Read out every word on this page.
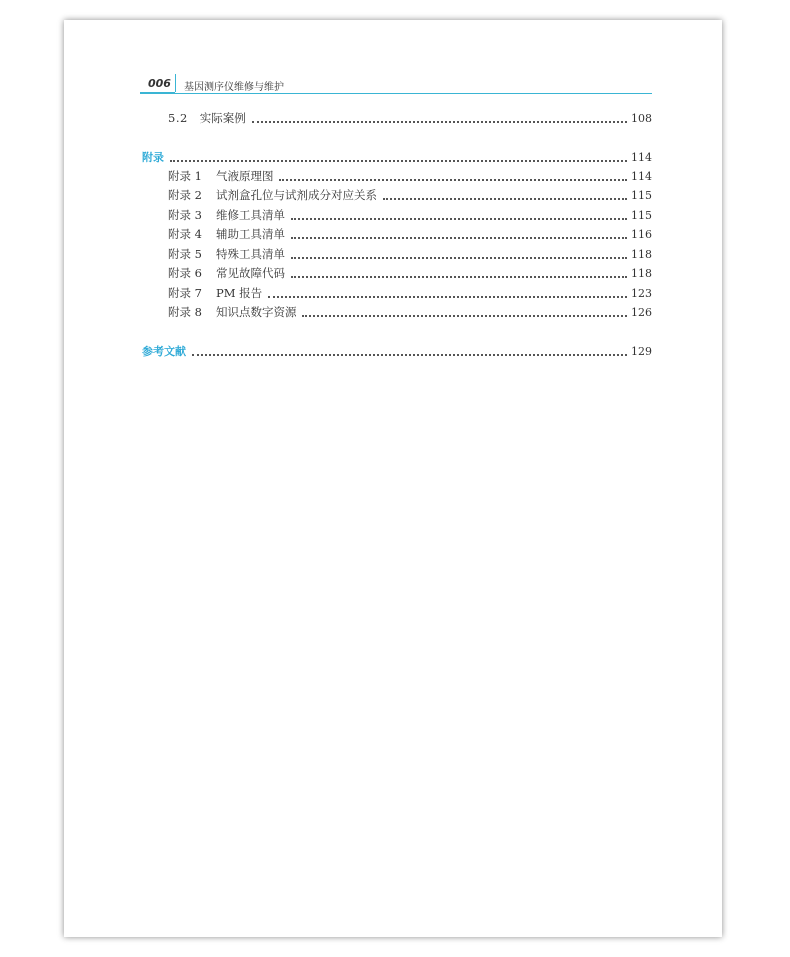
006 基因测序仪维修与维护
5.2 实际案例	108
附录	114
附录 1 气液原理图	114
附录 2 试剂盒孔位与试剂成分对应关系	115
附录 3 维修工具清单	115
附录 4 辅助工具清单	116
附录 5 特殊工具清单	118
附录 6 常见故障代码	118
附录 7 PM 报告	123
附录 8 知识点数字资源	126
参考文献	129
